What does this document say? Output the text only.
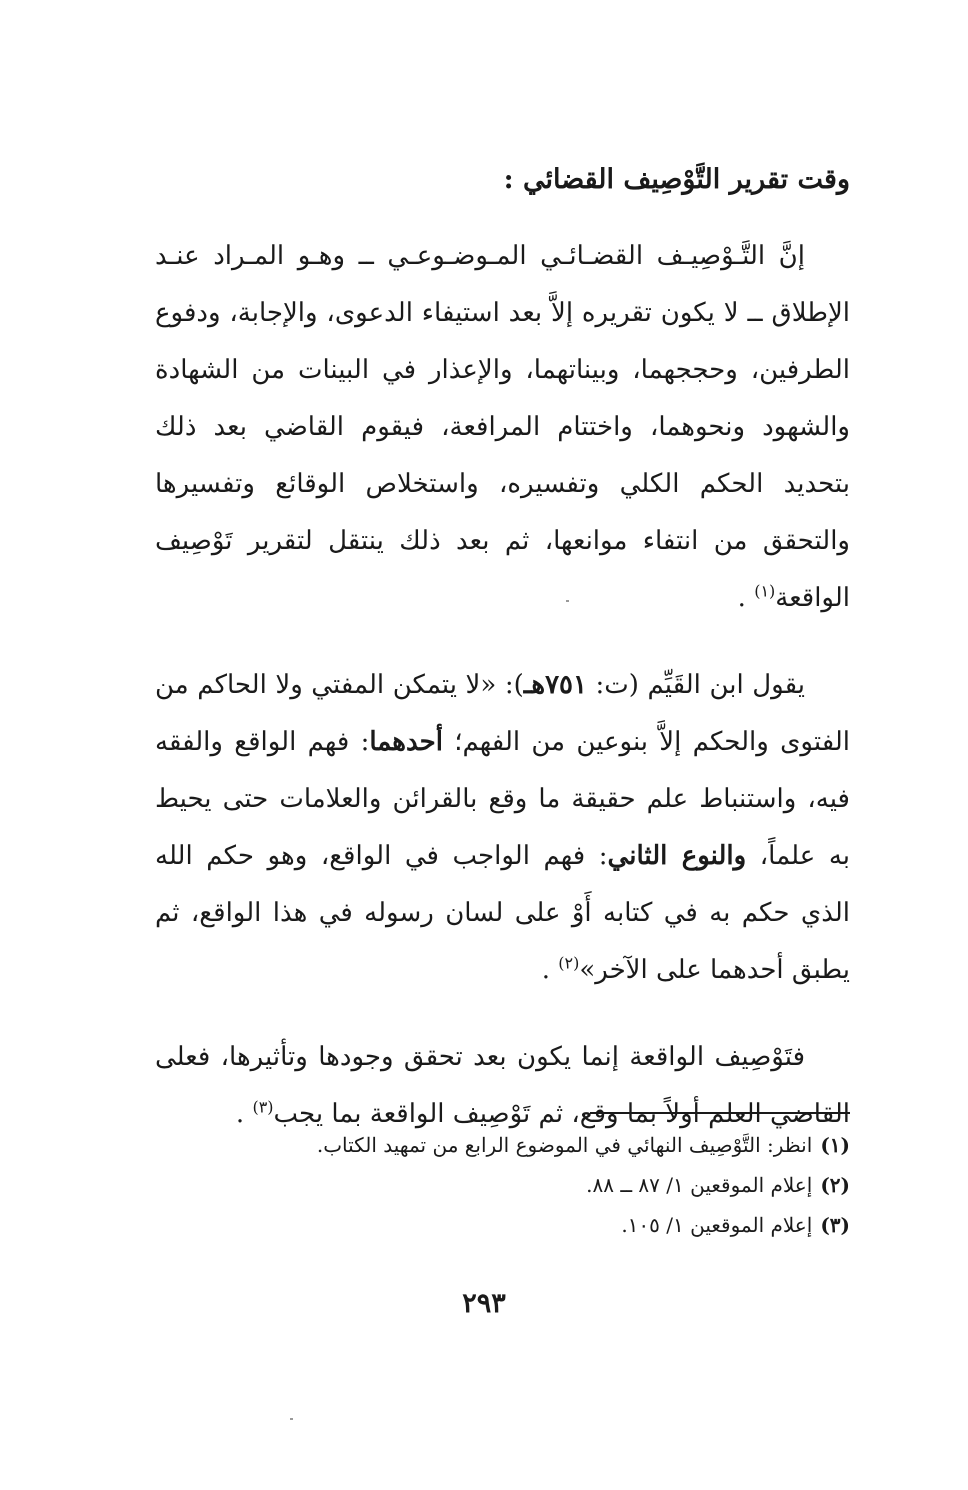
وقت تقرير التَّوْصِيف القضائي :

إنَّ التَّـوْصِيـف القضـائـي المـوضـوعـي ــ وهـو المـراد عنـد الإطلاق ــ لا يكون تقريره إلاَّ بعد استيفاء الدعوى، والإجابة، ودفوع الطرفين، وحججهما، وبيناتهما، والإعذار في البينات من الشهادة والشهود ونحوهما، واختتام المرافعة، فيقوم القاضي بعد ذلك بتحديد الحكم الكلي وتفسيره، واستخلاص الوقائع وتفسيرها والتحقق من انتفاء موانعها، ثم بعد ذلك ينتقل لتقرير تَوْصِيف الواقعة$^{(١)}$ .

يقول ابن القَيِّم (ت: ٧٥١هـ): «لا يتمكن المفتي ولا الحاكم من الفتوى والحكم إلاَّ بنوعين من الفهم؛ أحدهما: فهم الواقع والفقه فيه، واستنباط علم حقيقة ما وقع بالقرائن والعلامات حتى يحيط به علماً، والنوع الثاني: فهم الواجب في الواقع، وهو حكم الله الذي حكم به في كتابه أَوْ على لسان رسوله في هذا الواقع، ثم يطبق أحدهما على الآخر»$^{(٢)}$ .

فتَوْصِيف الواقعة إنما يكون بعد تحقق وجودها وتأثيرها، فعلى القاضي العلم أولاً بما وقع، ثم تَوْصِيف الواقعة بما يجب$^{(٣)}$ .

(١)انظر: التَّوْصِيف النهائي في الموضوع الرابع من تمهيد الكتاب.

(٢)إعلام الموقعين ١/ ٨٧ ــ ٨٨.

(٣)إعلام الموقعين ١/ ١٠٥.

٢٩٣
